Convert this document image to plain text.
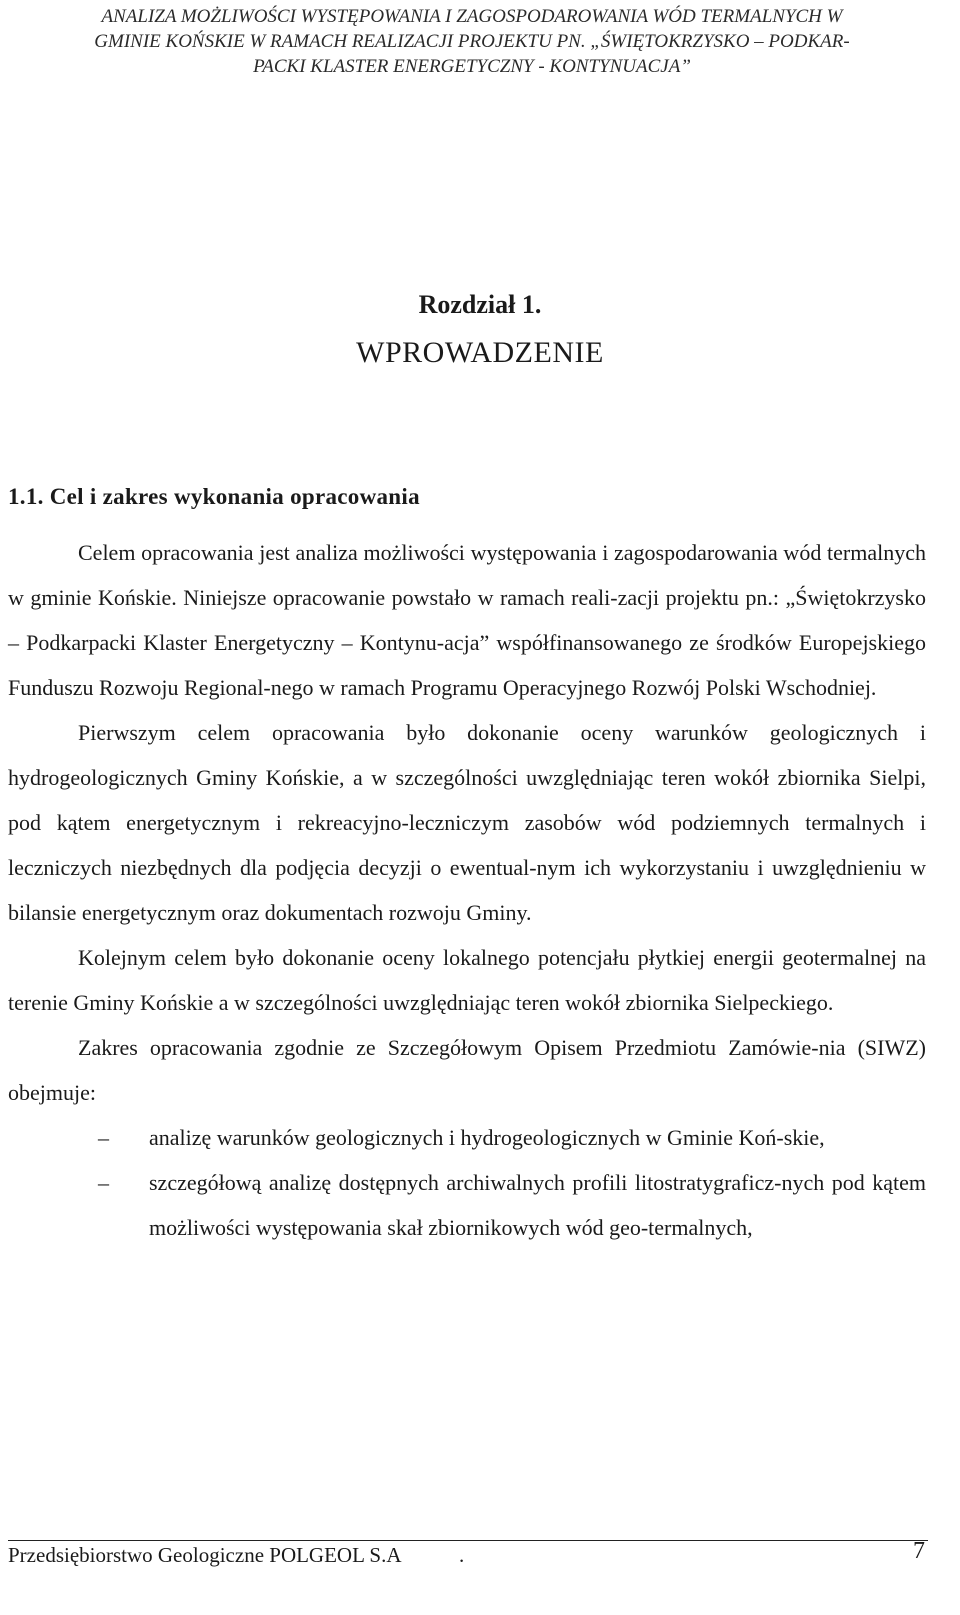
ANALIZA MOŻLIWOŚCI WYSTĘPOWANIA I ZAGOSPODAROWANIA WÓD TERMALNYCH W
GMINIE KOŃSKIE W RAMACH REALIZACJI PROJEKTU PN. „ŚWIĘTOKRZYSKO – PODKAR-
PACKI KLASTER ENERGETYCZNY - KONTYNUACJA”
Rozdział 1.
WPROWADZENIE
1.1. Cel i zakres wykonania opracowania

Celem opracowania jest analiza możliwości występowania i zagospodarowania wód termalnych w gminie Końskie. Niniejsze opracowanie powstało w ramach reali-zacji projektu pn.: „Świętokrzysko – Podkarpacki Klaster Energetyczny – Kontynu-acja” współfinansowanego ze środków Europejskiego Funduszu Rozwoju Regional-nego w ramach Programu Operacyjnego Rozwój Polski Wschodniej.

Pierwszym celem opracowania było dokonanie oceny warunków geologicznych i hydrogeologicznych Gminy Końskie, a w szczególności uwzględniając teren wokół zbiornika Sielpi, pod kątem energetycznym i rekreacyjno-leczniczym zasobów wód podziemnych termalnych i leczniczych niezbędnych dla podjęcia decyzji o ewentual-nym ich wykorzystaniu i uwzględnieniu w bilansie energetycznym oraz dokumentach rozwoju Gminy.

Kolejnym celem było dokonanie oceny lokalnego potencjału płytkiej energii geotermalnej na terenie Gminy Końskie a w szczególności uwzględniając teren wokół zbiornika Sielpeckiego.

Zakres opracowania zgodnie ze Szczegółowym Opisem Przedmiotu Zamówie-nia (SIWZ) obejmuje:

– analizę warunków geologicznych i hydrogeologicznych w Gminie Koń-skie,
– szczegółową analizę dostępnych archiwalnych profili litostratygraficz-nych pod kątem możliwości występowania skał zbiornikowych wód geo-termalnych,

Przedsiębiorstwo Geologiczne POLGEOL S.A	.	7
